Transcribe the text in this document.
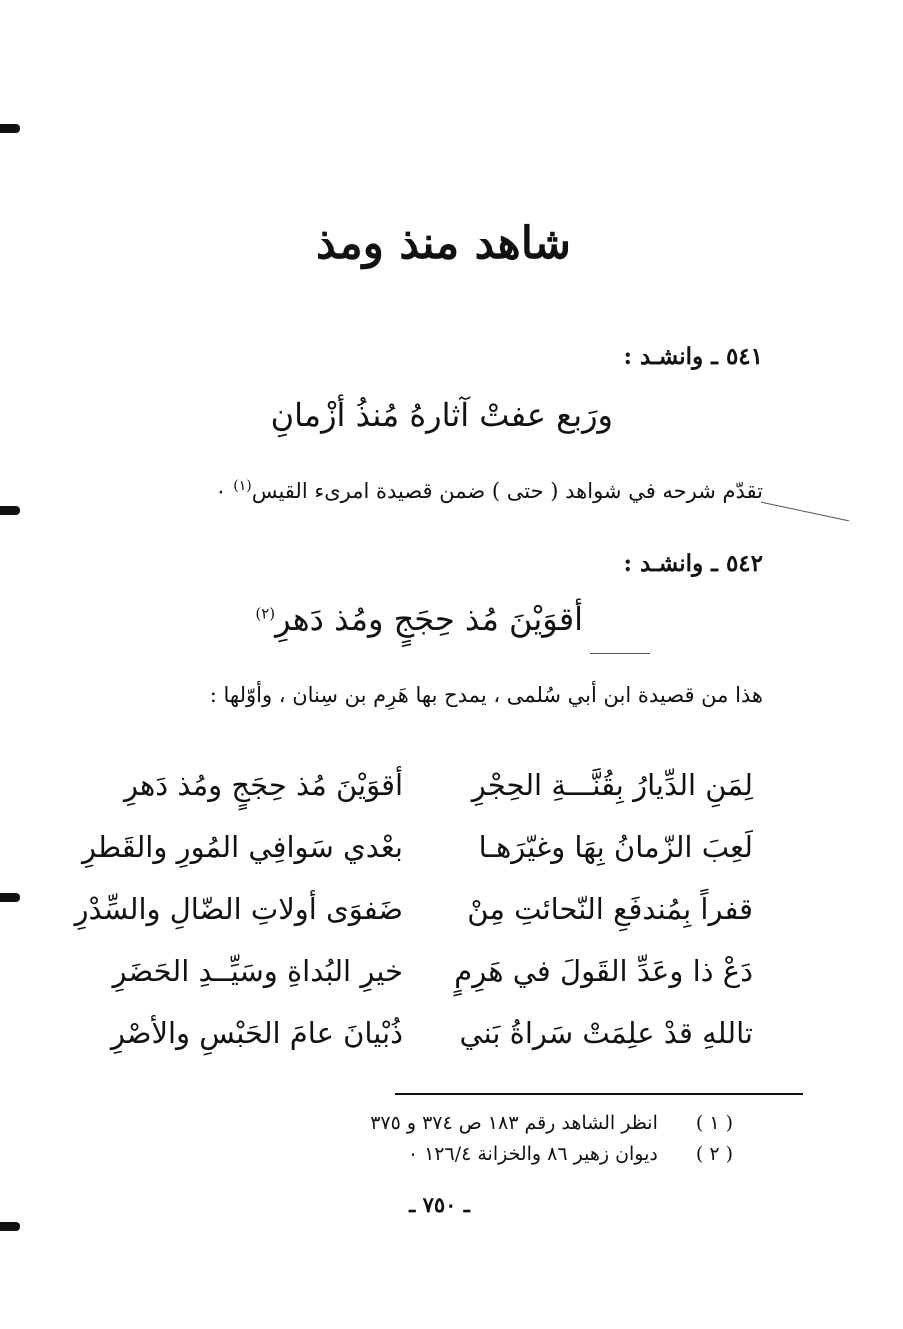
شاهد منذ ومذ
٥٤١ ـ وانشـد :
ورَبع عفتْ آثارهُ مُنذُ أزْمانِ
تقدّم شرحه في شواهد ( حتى ) ضمن قصيدة امرىء القيس$^{(١)}$ ٠
٥٤٢ ـ وانشـد :
أقوَيْنَ مُذ حِجَجٍ ومُذ دَهرِ$^{(٢)}$
هذا من قصيدة ابن أبي سُلمى ، يمدح بها هَرِم بن سِنان ، وأوّلها :
لِمَنِ الدِّيارُ بِقُنَّـــةِ الحِجْرِ
أقوَيْنَ مُذ حِجَجٍ ومُذ دَهرِ
لَعِبَ الزّمانُ بِهَا وغيّرَهـا
بعْدي سَوافِي المُورِ والقَطرِ
قفراً بِمُندفَعِ النّحائتِ مِنْ
ضَفوَى أولاتِ الضّالِ والسِّدْرِ
دَعْ ذا وعَدِّ القَولَ في هَرِمٍ
خيرِ البُداةِ وسَيِّــدِ الحَضَرِ
تاللهِ قدْ علِمَتْ سَراةُ بَني
ذُبْيانَ عامَ الحَبْسِ والأصْرِ
( ١ )
انظر الشاهد رقم ١٨٣ ص ٣٧٤ و ٣٧٥
( ٢ )
ديوان زهير ٨٦ والخزانة ١٢٦/٤ ٠
ـ ٧٥٠ ـ
